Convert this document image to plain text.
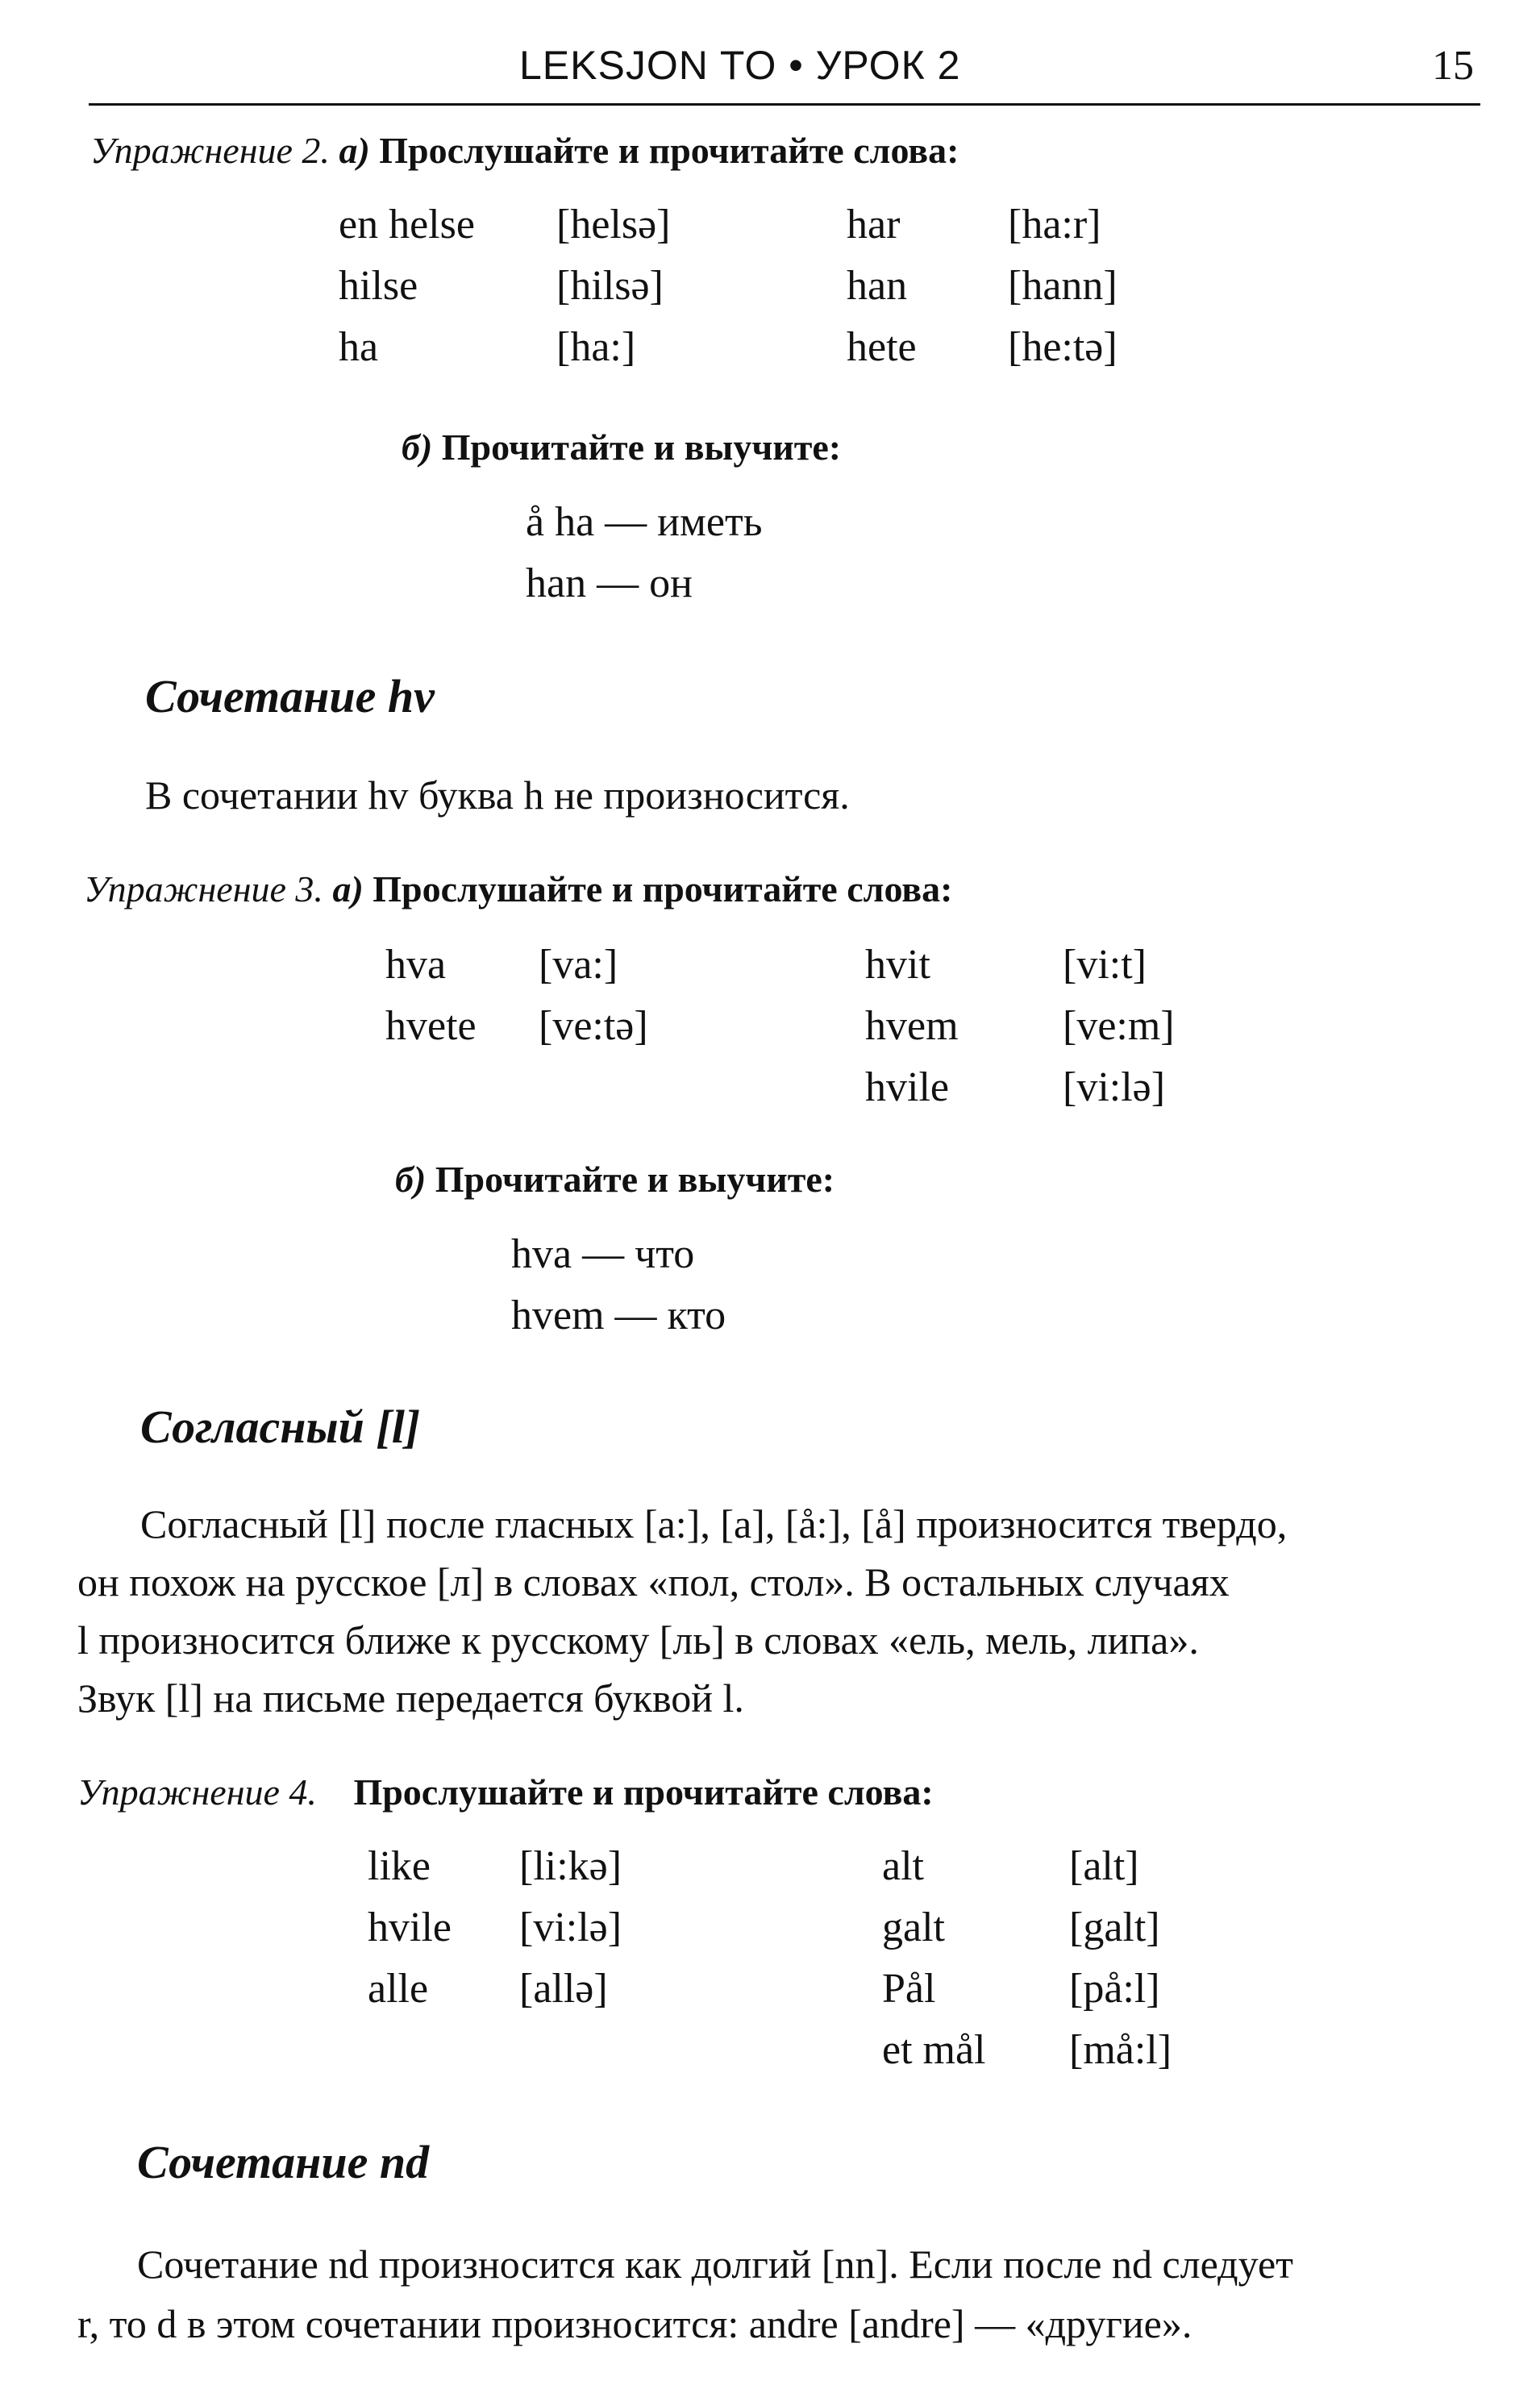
LEKSJON TO • УРОК 2	15
Упражнение 2. а) Прослушайте и прочитайте слова:
en helse	[helsə]	har	[ha:r]
hilse	[hilsə]	han	[hann]
ha	[ha:]	hete	[he:tə]
б) Прочитайте и выучите:
å ha — иметь
han — он
Сочетание hv
В сочетании hv буква h не произносится.
Упражнение 3. а) Прослушайте и прочитайте слова:
hva	[va:]	hvit	[vi:t]
hvete	[ve:tə]	hvem	[ve:m]
		hvile	[vi:lə]
б) Прочитайте и выучите:
hva — что
hvem — кто
Согласный [l]
Согласный [l] после гласных [a:], [a], [å:], [å] произносится твердо,
он похож на русское [л] в словах «пол, стол». В остальных случаях
l произносится ближе к русскому [ль] в словах «ель, мель, липа».
Звук [l] на письме передается буквой l.
Упражнение 4. Прослушайте и прочитайте слова:
like	[li:kə]	alt	[alt]
hvile	[vi:lə]	galt	[galt]
alle	[allə]	Pål	[på:l]
		et mål	[må:l]
Сочетание nd
Сочетание nd произносится как долгий [nn]. Если после nd следует
r, то d в этом сочетании произносится: andre [andre] — «другие».
